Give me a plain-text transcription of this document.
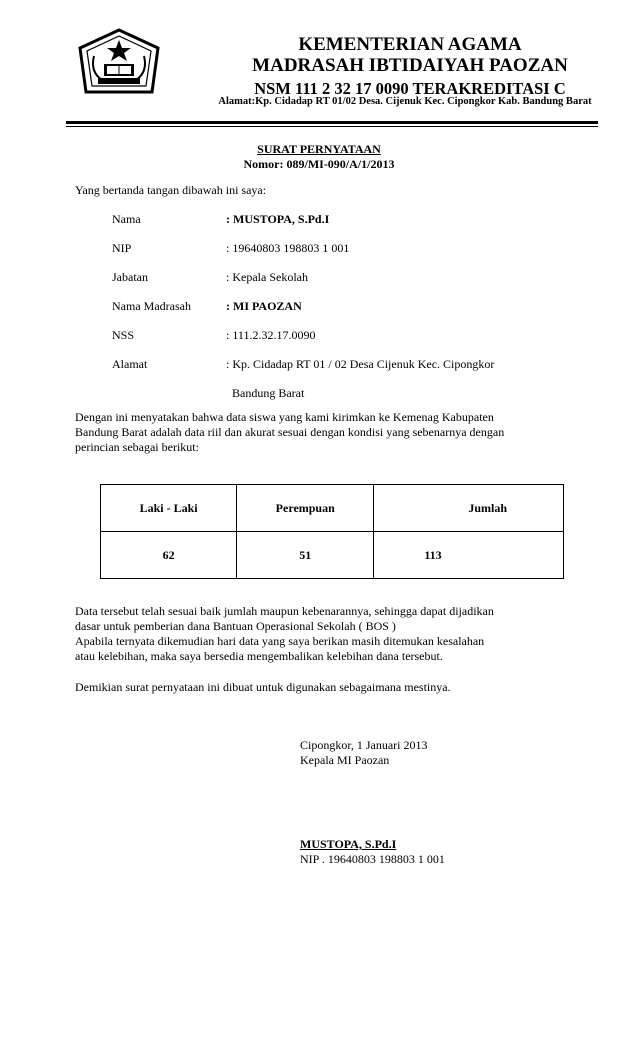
KEMENTERIAN AGAMA
MADRASAH IBTIDAIYAH PAOZAN
NSM 111 2 32 17 0090 TERAKREDITASI C
Alamat:Kp. Cidadap RT 01/02 Desa. Cijenuk Kec. Cipongkor Kab. Bandung Barat
SURAT PERNYATAAN
Nomor: 089/MI-090/A/1/2013
Yang bertanda tangan dibawah ini saya:
Nama	: MUSTOPA, S.Pd.I
NIP	: 19640803 198803 1 001
Jabatan	: Kepala Sekolah
Nama Madrasah	: MI PAOZAN
NSS	: 111.2.32.17.0090
Alamat	: Kp. Cidadap RT 01 / 02 Desa Cijenuk Kec. Cipongkor
Bandung Barat
Dengan ini menyatakan bahwa data siswa yang kami kirimkan ke Kemenag Kabupaten
Bandung Barat adalah data riil dan akurat sesuai dengan kondisi yang sebenarnya dengan
perincian sebagai berikut:
Laki - Laki	Perempuan	Jumlah
62	51	113
Data tersebut telah sesuai baik jumlah maupun kebenarannya, sehingga dapat dijadikan
dasar untuk pemberian dana Bantuan Operasional Sekolah ( BOS )
Apabila ternyata dikemudian hari data yang saya berikan masih ditemukan kesalahan
atau kelebihan, maka saya bersedia mengembalikan kelebihan dana tersebut.
Demikian surat pernyataan ini dibuat untuk digunakan sebagaimana mestinya.
Cipongkor, 1 Januari 2013
Kepala MI Paozan
MUSTOPA, S.Pd.I
NIP . 19640803 198803 1 001
